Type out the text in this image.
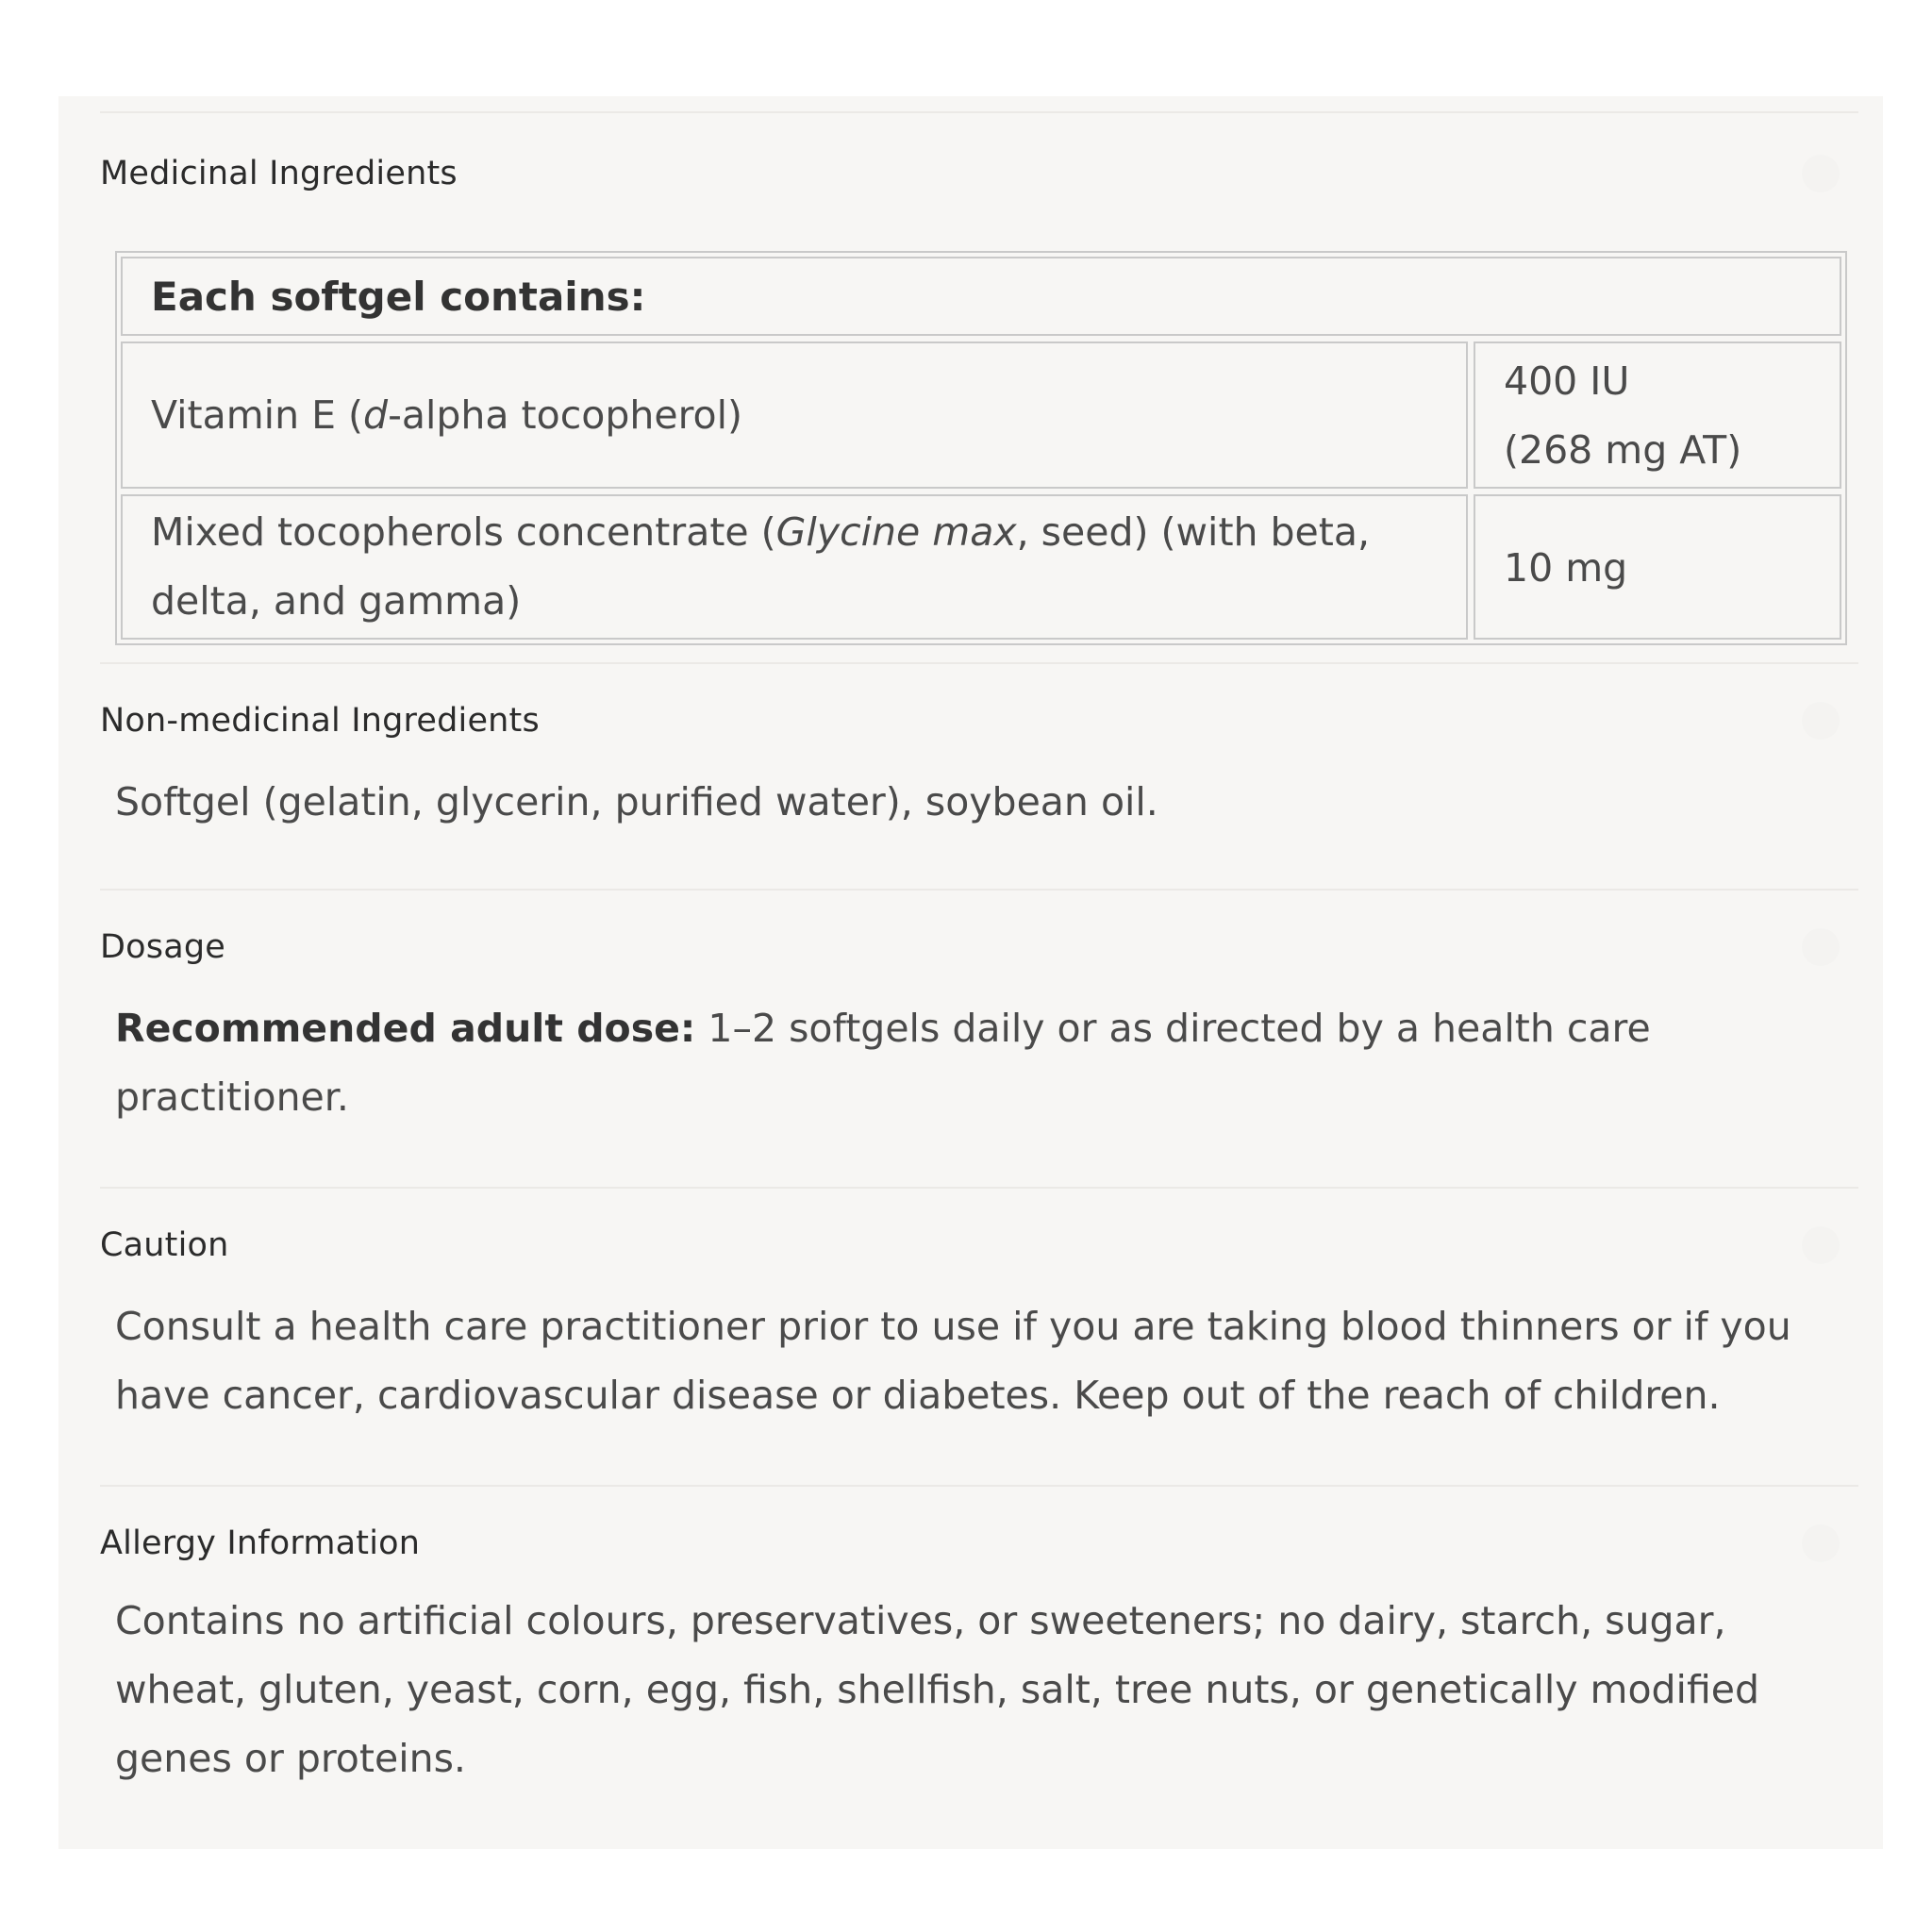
Medicinal Ingredients
Each softgel contains:
Vitamin E (d-alpha tocopherol)
400 IU
(268 mg AT)
Mixed tocopherols concentrate (Glycine max, seed) (with beta,
delta, and gamma)
10 mg
Non-medicinal Ingredients
Softgel (gelatin, glycerin, purified water), soybean oil.
Dosage
Recommended adult dose: 1–2 softgels daily or as directed by a health care practitioner.
Caution
Consult a health care practitioner prior to use if you are taking blood thinners or if you have cancer, cardiovascular disease or diabetes. Keep out of the reach of children.
Allergy Information
Contains no artificial colours, preservatives, or sweeteners; no dairy, starch, sugar, wheat, gluten, yeast, corn, egg, fish, shellfish, salt, tree nuts, or genetically modified genes or proteins.
